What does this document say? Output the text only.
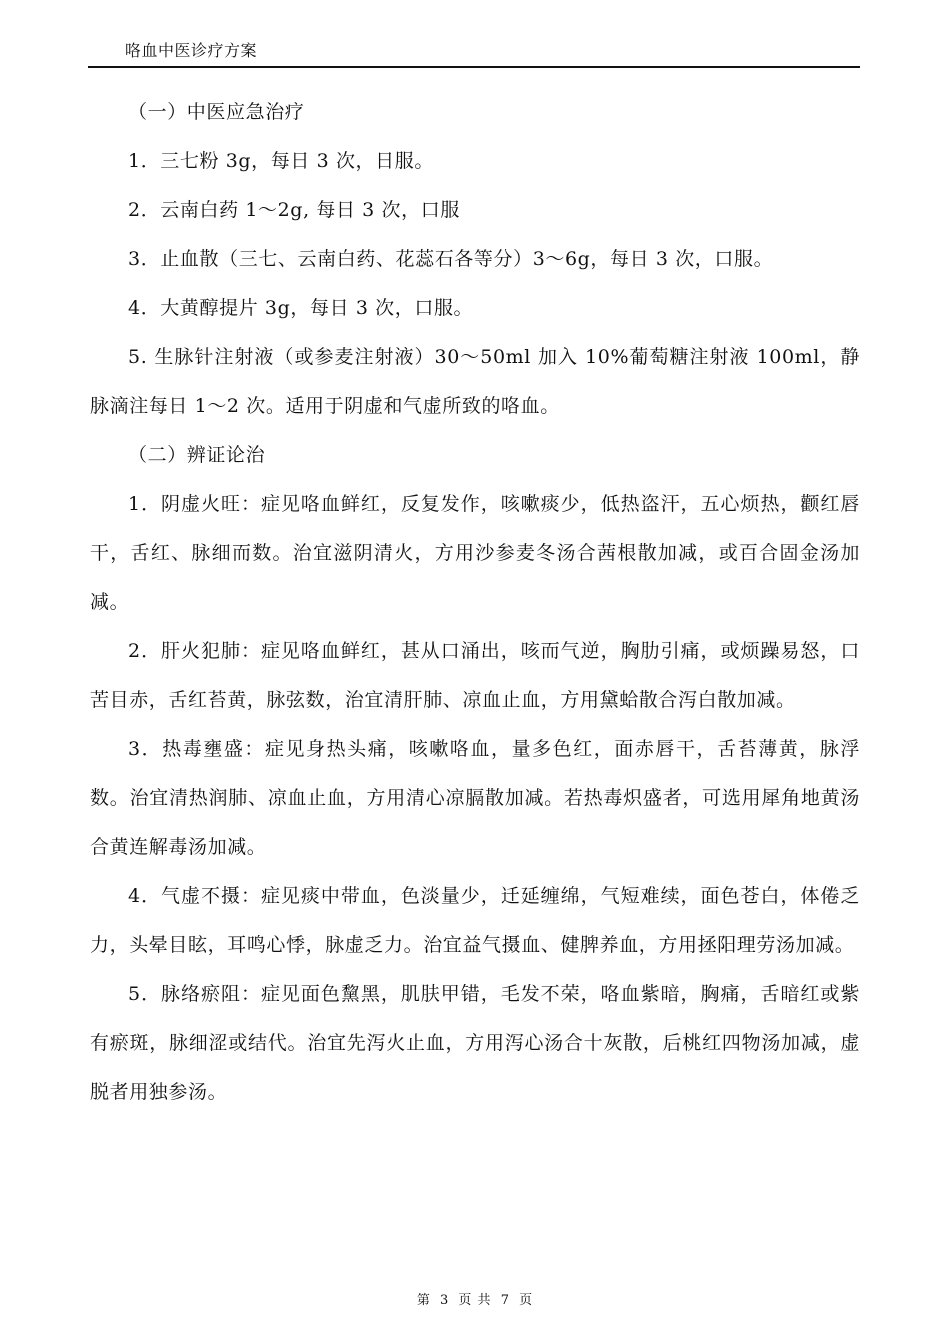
咯血中医诊疗方案

（一）中医应急治疗

1．三七粉 3g，每日 3 次，日服。

2．云南白药 1～2g, 每日 3 次，口服

3．止血散（三七、云南白药、花蕊石各等分）3～6g，每日 3 次，口服。

4．大黄醇提片 3g，每日 3 次，口服。

5. 生脉针注射液（或参麦注射液）30～50ml 加入 10%葡萄糖注射液 100ml，静脉滴注每日 1～2 次。适用于阴虚和气虚所致的咯血。

（二）辨证论治

1．阴虚火旺：症见咯血鲜红，反复发作，咳嗽痰少，低热盗汗，五心烦热，颧红唇干，舌红、脉细而数。治宜滋阴清火，方用沙参麦冬汤合茜根散加减，或百合固金汤加减。

2．肝火犯肺：症见咯血鲜红，甚从口涌出，咳而气逆，胸肋引痛，或烦躁易怒，口苦目赤，舌红苔黄，脉弦数，治宜清肝肺、凉血止血，方用黛蛤散合泻白散加减。

3．热毒壅盛：症见身热头痛，咳嗽咯血，量多色红，面赤唇干，舌苔薄黄，脉浮数。治宜清热润肺、凉血止血，方用清心凉膈散加减。若热毒炽盛者，可选用犀角地黄汤合黄连解毒汤加减。

4．气虚不摄：症见痰中带血，色淡量少，迁延缠绵，气短难续，面色苍白，体倦乏力，头晕目眩，耳鸣心悸，脉虚乏力。治宜益气摄血、健脾养血，方用拯阳理劳汤加减。

5．脉络瘀阻：症见面色黧黑，肌肤甲错，毛发不荣，咯血紫暗，胸痛，舌暗红或紫有瘀斑，脉细涩或结代。治宜先泻火止血，方用泻心汤合十灰散，后桃红四物汤加减，虚脱者用独参汤。

第 3 页 共 7 页
